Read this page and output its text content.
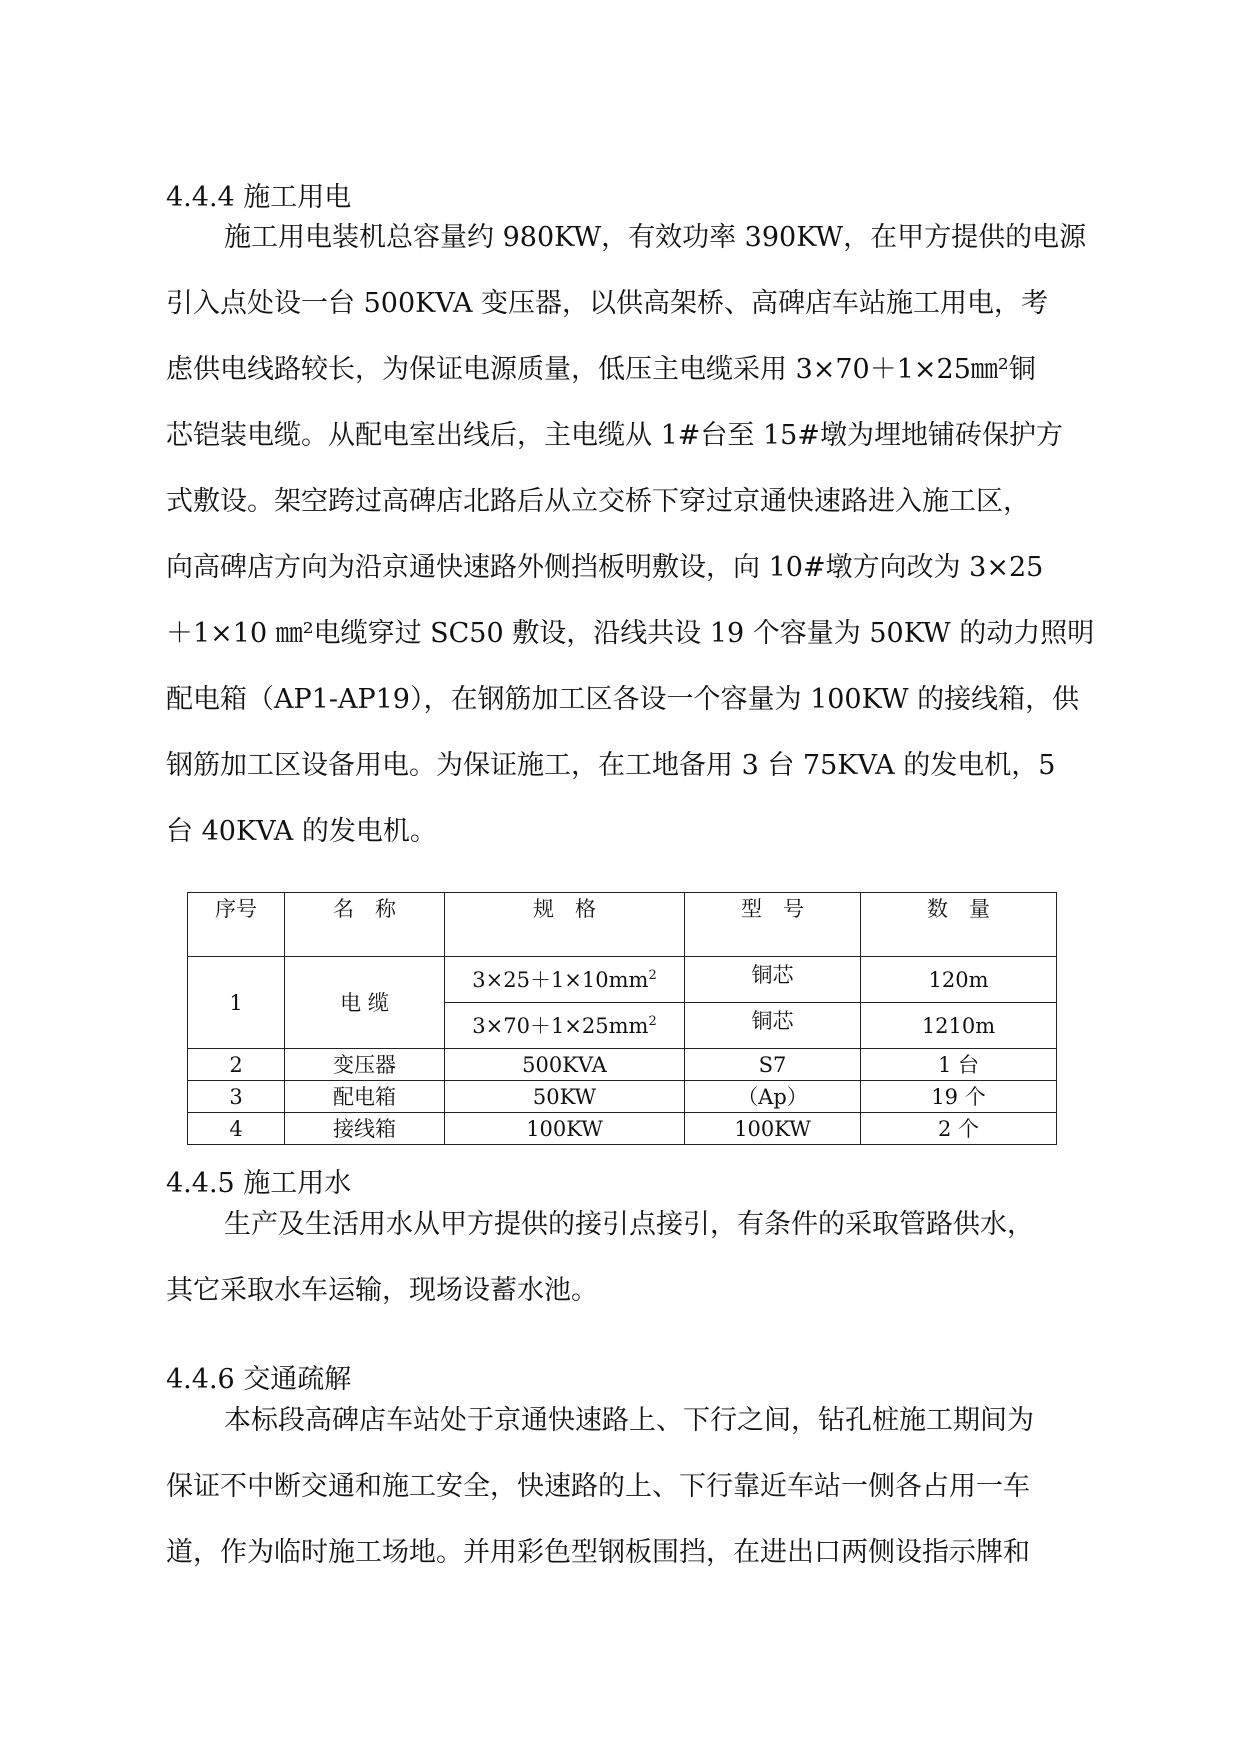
4.4.4 施工用电
施工用电装机总容量约 980KW，有效功率 390KW，在甲方提供的电源
引入点处设一台 500KVA 变压器，以供高架桥、高碑店车站施工用电，考
虑供电线路较长，为保证电源质量，低压主电缆采用 3×70＋1×25㎜²铜
芯铠装电缆。从配电室出线后，主电缆从 1#台至 15#墩为埋地铺砖保护方
式敷设。架空跨过高碑店北路后从立交桥下穿过京通快速路进入施工区，
向高碑店方向为沿京通快速路外侧挡板明敷设，向 10#墩方向改为 3×25
＋1×10 ㎜²电缆穿过 SC50 敷设，沿线共设 19 个容量为 50KW 的动力照明
配电箱（AP1-AP19），在钢筋加工区各设一个容量为 100KW 的接线箱，供
钢筋加工区设备用电。为保证施工，在工地备用 3 台 75KVA 的发电机，5
台 40KVA 的发电机。
序号	名　称	规　格	型　号	数　量
1	电 缆	$3\times 25+1\times 10mm^2$	铜芯	120m
		$3\times 70+1\times 25mm^2$	铜芯	1210m
2	变压器	500KVA	S7	1 台
3	配电箱	50KW	（Ap）	19 个
4	接线箱	100KW	100KW	2 个
4.4.5 施工用水
生产及生活用水从甲方提供的接引点接引，有条件的采取管路供水，
其它采取水车运输，现场设蓄水池。
4.4.6 交通疏解
本标段高碑店车站处于京通快速路上、下行之间，钻孔桩施工期间为
保证不中断交通和施工安全，快速路的上、下行靠近车站一侧各占用一车
道，作为临时施工场地。并用彩色型钢板围挡，在进出口两侧设指示牌和
